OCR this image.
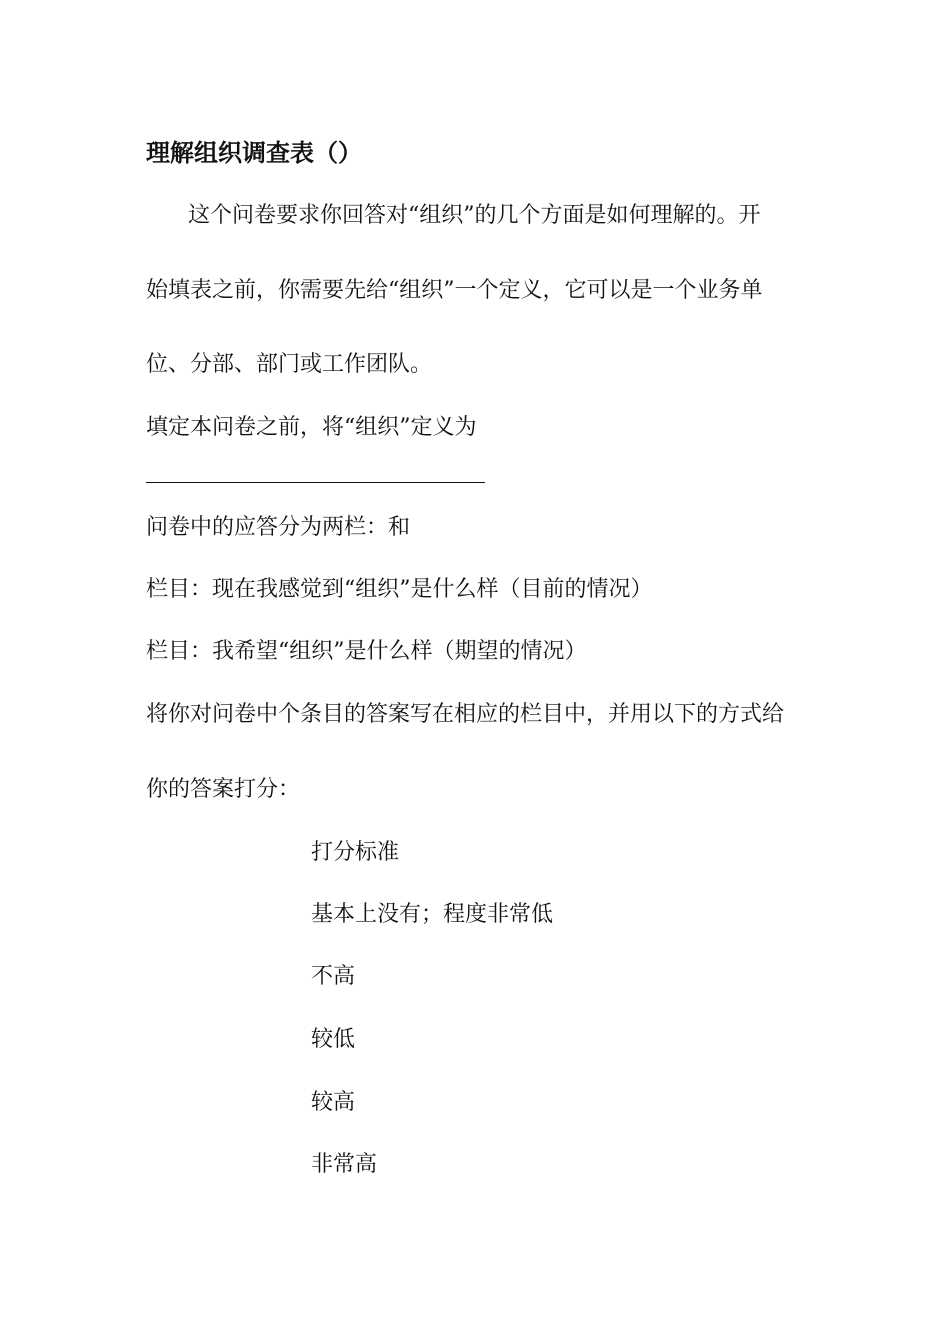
理解组织调查表（）
这个问卷要求你回答对“组织”的几个方面是如何理解的。开
始填表之前，你需要先给“组织”一个定义，它可以是一个业务单
位、分部、部门或工作团队。
填定本问卷之前，将“组织”定义为
问卷中的应答分为两栏：和
栏目：现在我感觉到“组织”是什么样（目前的情况）
栏目：我希望“组织”是什么样（期望的情况）
将你对问卷中个条目的答案写在相应的栏目中，并用以下的方式给
你的答案打分：
打分标准
基本上没有；程度非常低
不高
较低
较高
非常高
